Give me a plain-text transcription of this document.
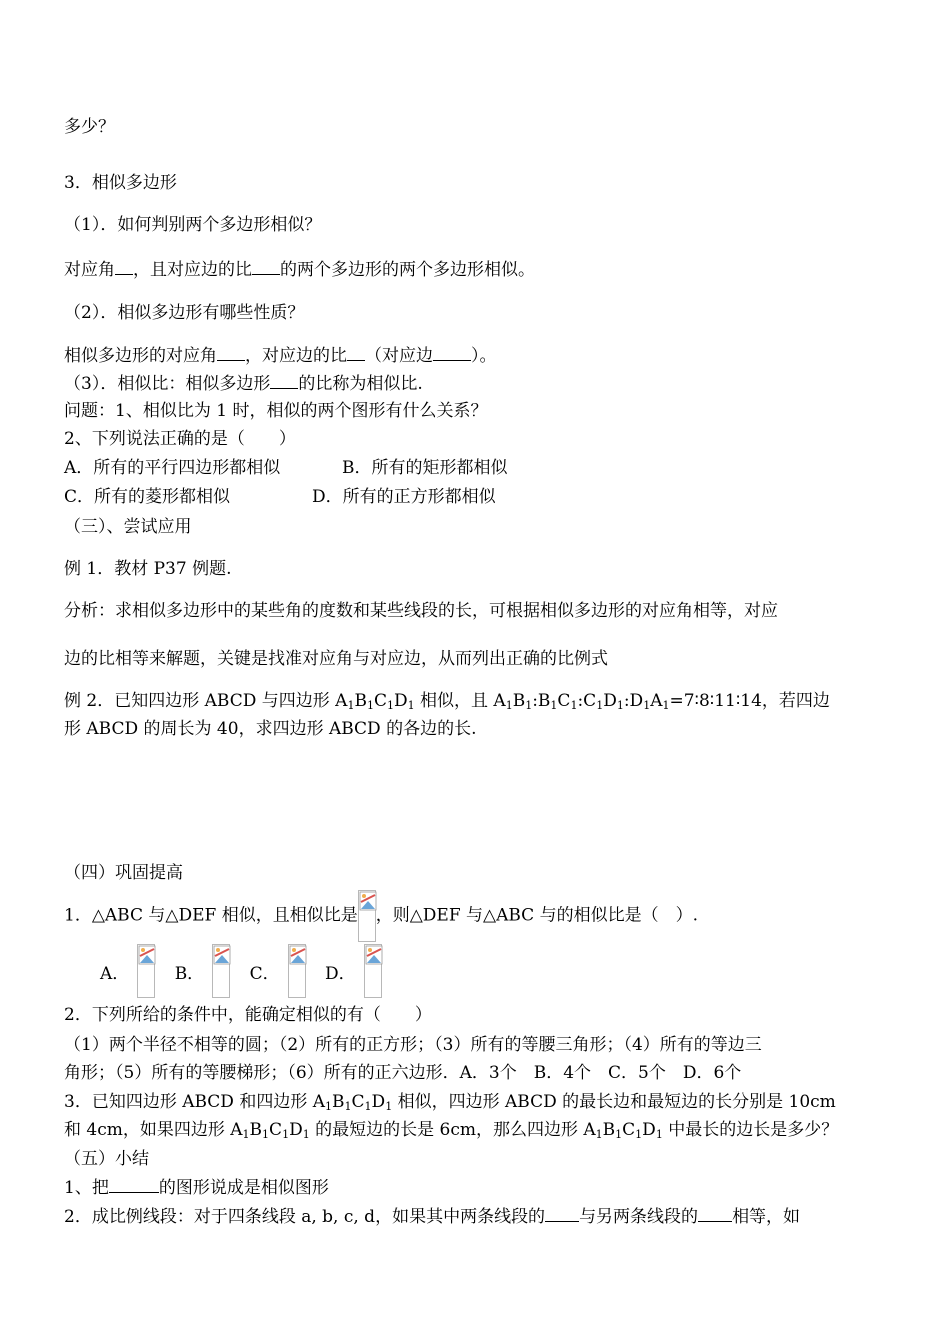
多少？
3．相似多边形
（1）．如何判别两个多边形相似？
对应角 ，且对应边的比 的两个多边形的两个多边形相似。
（2）．相似多边形有哪些性质？
相似多边形的对应角 ，对应边的比 （对应边 ）。
（3）．相似比：相似多边形 的比称为相似比.
问题：1、相似比为 1 时，相似的两个图形有什么关系？
2、下列说法正确的是（　　）
A．所有的平行四边形都相似	B．所有的矩形都相似
C．所有的菱形都相似	D．所有的正方形都相似
（三）、尝试应用
例 1．教材 P37 例题.
分析：求相似多边形中的某些角的度数和某些线段的长，可根据相似多边形的对应角相等，对应
边的比相等来解题，关键是找准对应角与对应边，从而列出正确的比例式
例 2．已知四边形 ABCD 与四边形 $A_1B_1C_1D_1$ 相似，且 $A_1B_1:B_1C_1:C_1D_1:D_1A_1=7∶8∶11∶14$，若四边
形 ABCD 的周长为 40，求四边形 ABCD 的各边的长.
（四）巩固提高
1．△ABC 与△DEF 相似，且相似比是 ，则△DEF 与△ABC 与的相似比是（　）.
A．
	B．
	C．
	D．
2．下列所给的条件中，能确定相似的有（　　）
（1）两个半径不相等的圆；（2）所有的正方形；（3）所有的等腰三角形；（4）所有的等边三
角形；（5）所有的等腰梯形；（6）所有的正六边形．A．3个　B．4个　C．5个　D．6个
3．已知四边形 ABCD 和四边形 $A_1B_1C_1D_1$ 相似，四边形 ABCD 的最长边和最短边的长分别是 10cm
和 4cm，如果四边形 $A_1B_1C_1D_1$ 的最短边的长是 6cm，那么四边形 $A_1B_1C_1D_1$ 中最长的边长是多少？
（五）小结
1、把	的图形说成是相似图形
2．成比例线段：对于四条线段 a, b, c, d，如果其中两条线段的 与另两条线段的 相等，如
